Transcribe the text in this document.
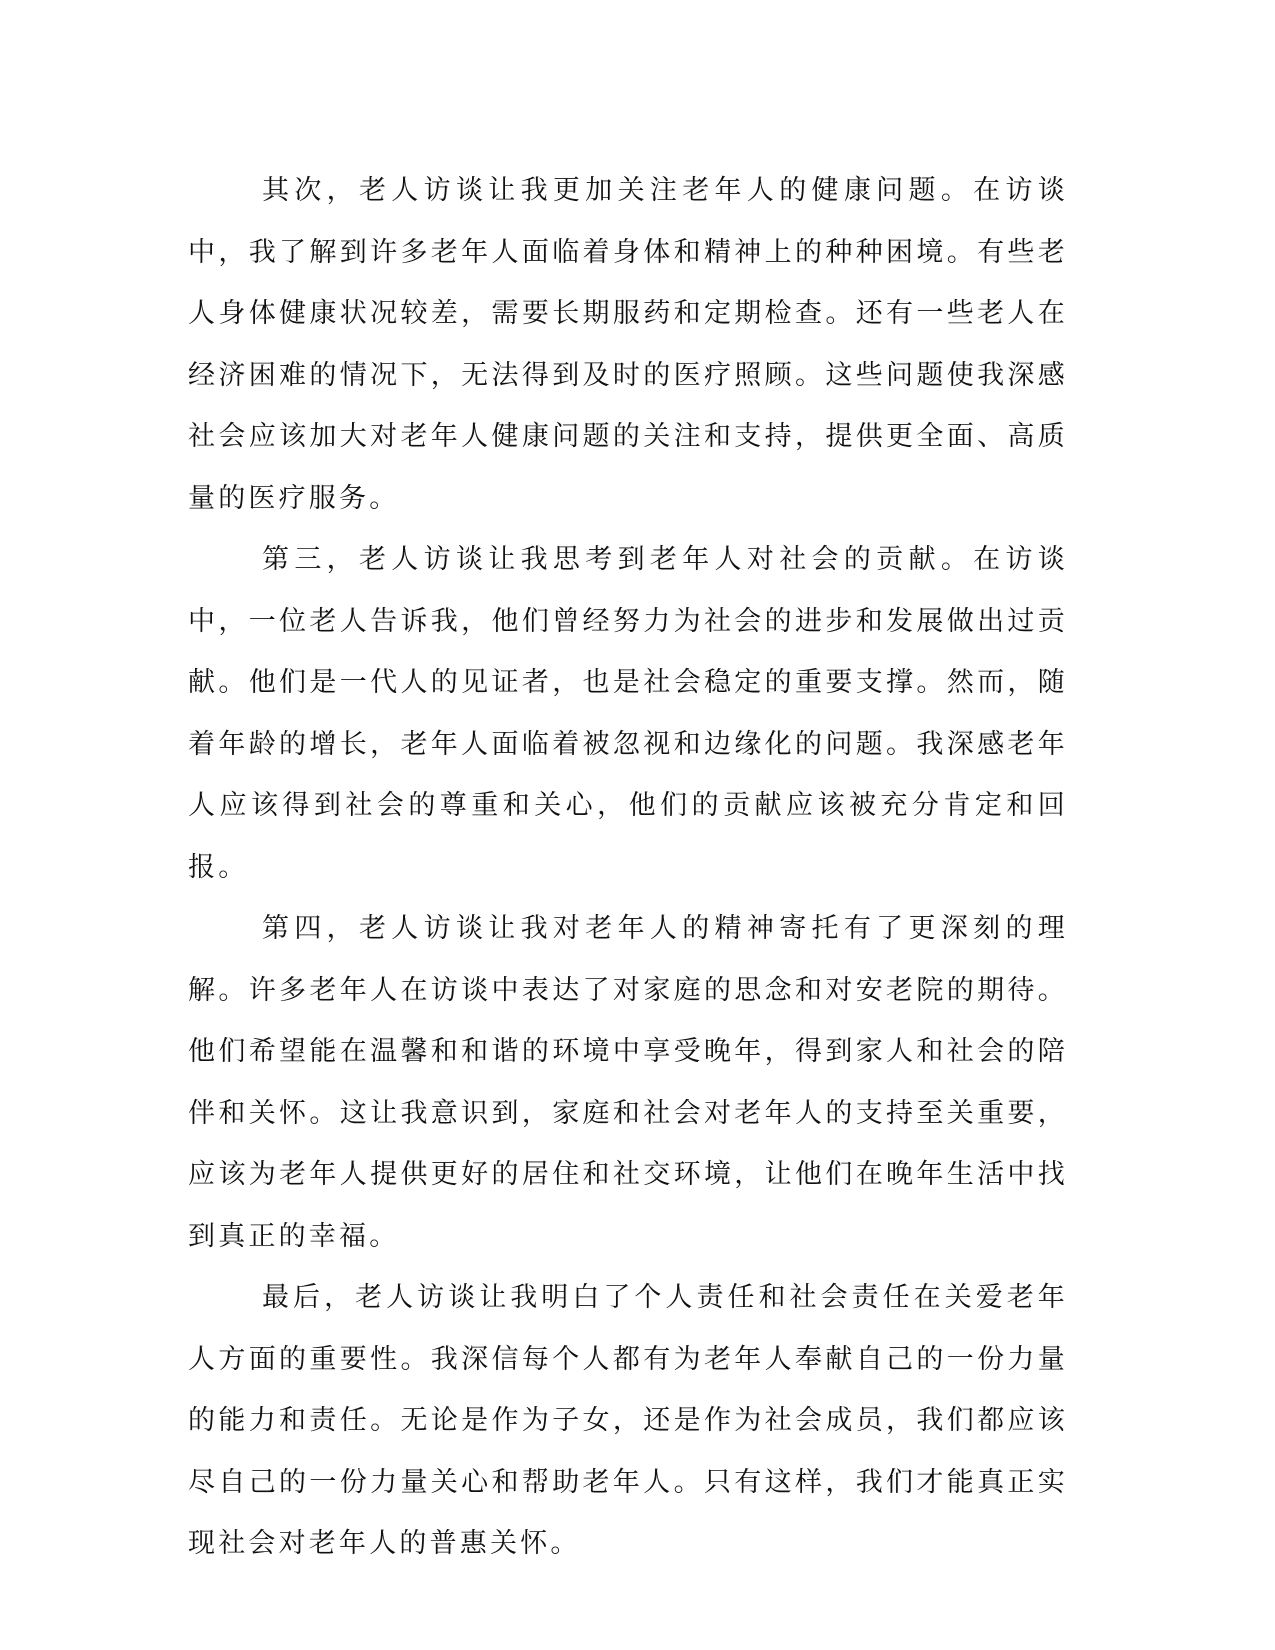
其次，老人访谈让我更加关注老年人的健康问题。在访谈中，我了解到许多老年人面临着身体和精神上的种种困境。有些老人身体健康状况较差，需要长期服药和定期检查。还有一些老人在经济困难的情况下，无法得到及时的医疗照顾。这些问题使我深感社会应该加大对老年人健康问题的关注和支持，提供更全面、高质量的医疗服务。

第三，老人访谈让我思考到老年人对社会的贡献。在访谈中，一位老人告诉我，他们曾经努力为社会的进步和发展做出过贡献。他们是一代人的见证者，也是社会稳定的重要支撑。然而，随着年龄的增长，老年人面临着被忽视和边缘化的问题。我深感老年人应该得到社会的尊重和关心，他们的贡献应该被充分肯定和回报。

第四，老人访谈让我对老年人的精神寄托有了更深刻的理解。许多老年人在访谈中表达了对家庭的思念和对安老院的期待。他们希望能在温馨和和谐的环境中享受晚年，得到家人和社会的陪伴和关怀。这让我意识到，家庭和社会对老年人的支持至关重要，应该为老年人提供更好的居住和社交环境，让他们在晚年生活中找到真正的幸福。

最后，老人访谈让我明白了个人责任和社会责任在关爱老年人方面的重要性。我深信每个人都有为老年人奉献自己的一份力量的能力和责任。无论是作为子女，还是作为社会成员，我们都应该尽自己的一份力量关心和帮助老年人。只有这样，我们才能真正实现社会对老年人的普惠关怀。
